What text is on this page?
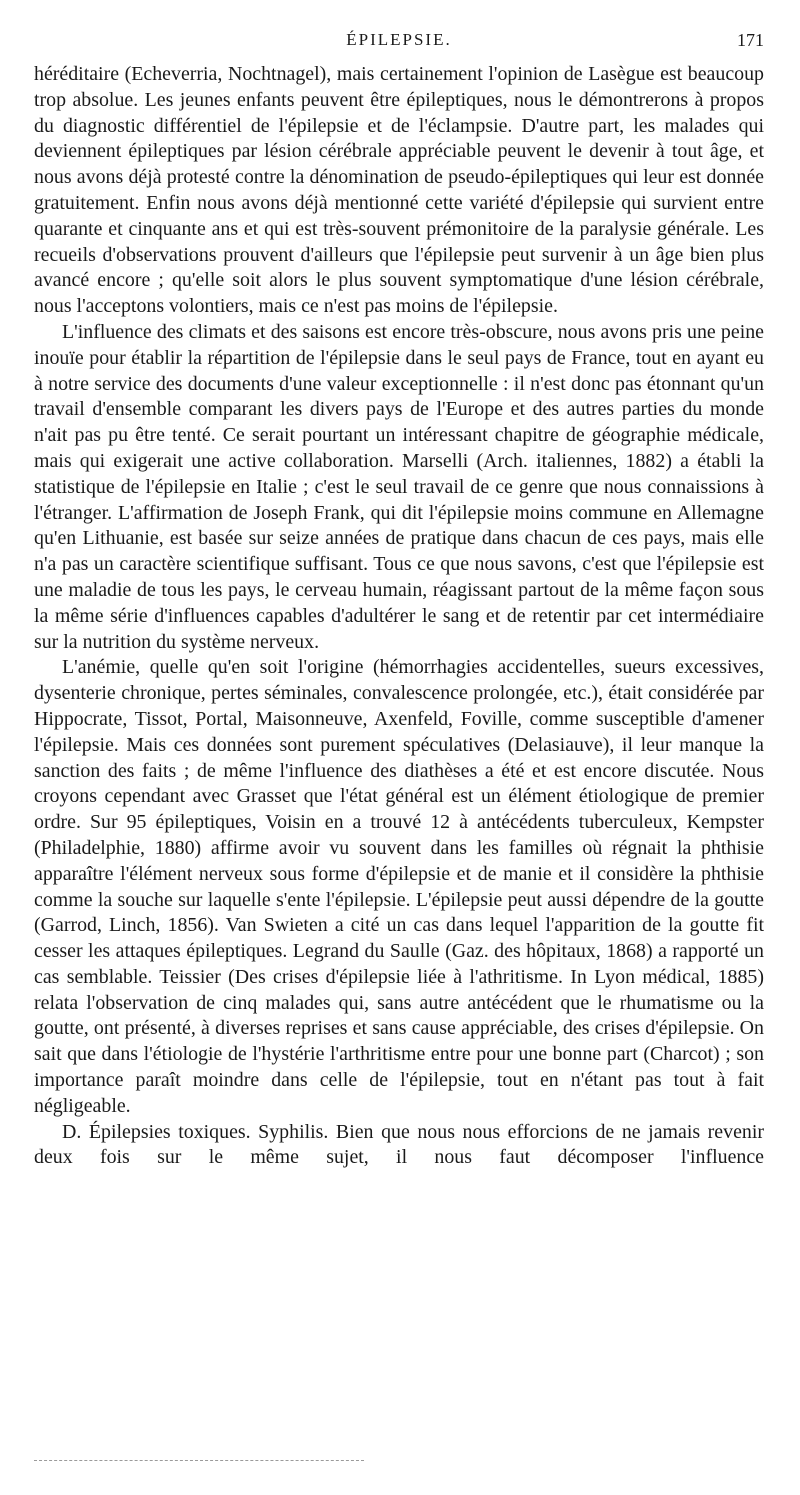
ÉPILEPSIE.	171

héréditaire (Echeverria, Nochtnagel), mais certainement l'opinion de Lasègue est beaucoup trop absolue. Les jeunes enfants peuvent être épileptiques, nous le démontrerons à propos du diagnostic différentiel de l'épilepsie et de l'éclampsie. D'autre part, les malades qui deviennent épileptiques par lésion cérébrale appréciable peuvent le devenir à tout âge, et nous avons déjà protesté contre la dénomination de pseudo-épileptiques qui leur est donnée gratuitement. Enfin nous avons déjà mentionné cette variété d'épilepsie qui survient entre quarante et cinquante ans et qui est très-souvent prémonitoire de la paralysie générale. Les recueils d'observations prouvent d'ailleurs que l'épilepsie peut survenir à un âge bien plus avancé encore ; qu'elle soit alors le plus souvent symptomatique d'une lésion cérébrale, nous l'acceptons volontiers, mais ce n'est pas moins de l'épilepsie.

L'influence des climats et des saisons est encore très-obscure, nous avons pris une peine inouïe pour établir la répartition de l'épilepsie dans le seul pays de France, tout en ayant eu à notre service des documents d'une valeur exceptionnelle : il n'est donc pas étonnant qu'un travail d'ensemble comparant les divers pays de l'Europe et des autres parties du monde n'ait pas pu être tenté. Ce serait pourtant un intéressant chapitre de géographie médicale, mais qui exigerait une active collaboration. Marselli (Arch. italiennes, 1882) a établi la statistique de l'épilepsie en Italie ; c'est le seul travail de ce genre que nous connaissions à l'étranger. L'affirmation de Joseph Frank, qui dit l'épilepsie moins commune en Allemagne qu'en Lithuanie, est basée sur seize années de pratique dans chacun de ces pays, mais elle n'a pas un caractère scientifique suffisant. Tous ce que nous savons, c'est que l'épilepsie est une maladie de tous les pays, le cerveau humain, réagissant partout de la même façon sous la même série d'influences capables d'adultérer le sang et de retentir par cet intermédiaire sur la nutrition du système nerveux.

L'anémie, quelle qu'en soit l'origine (hémorrhagies accidentelles, sueurs excessives, dysenterie chronique, pertes séminales, convalescence prolongée, etc.), était considérée par Hippocrate, Tissot, Portal, Maisonneuve, Axenfeld, Foville, comme susceptible d'amener l'épilepsie. Mais ces données sont purement spéculatives (Delasiauve), il leur manque la sanction des faits ; de même l'influence des diathèses a été et est encore discutée. Nous croyons cependant avec Grasset que l'état général est un élément étiologique de premier ordre. Sur 95 épileptiques, Voisin en a trouvé 12 à antécédents tuberculeux, Kempster (Philadelphie, 1880) affirme avoir vu souvent dans les familles où régnait la phthisie apparaître l'élément nerveux sous forme d'épilepsie et de manie et il considère la phthisie comme la souche sur laquelle s'ente l'épilepsie. L'épilepsie peut aussi dépendre de la goutte (Garrod, Linch, 1856). Van Swieten a cité un cas dans lequel l'apparition de la goutte fit cesser les attaques épileptiques. Legrand du Saulle (Gaz. des hôpitaux, 1868) a rapporté un cas semblable. Teissier (Des crises d'épilepsie liée à l'athritisme. In Lyon médical, 1885) relata l'observation de cinq malades qui, sans autre antécédent que le rhumatisme ou la goutte, ont présenté, à diverses reprises et sans cause appréciable, des crises d'épilepsie. On sait que dans l'étiologie de l'hystérie l'arthritisme entre pour une bonne part (Charcot) ; son importance paraît moindre dans celle de l'épilepsie, tout en n'étant pas tout à fait négligeable.

D. Épilepsies toxiques. Syphilis. Bien que nous nous efforcions de ne jamais revenir deux fois sur le même sujet, il nous faut décomposer l'influence
